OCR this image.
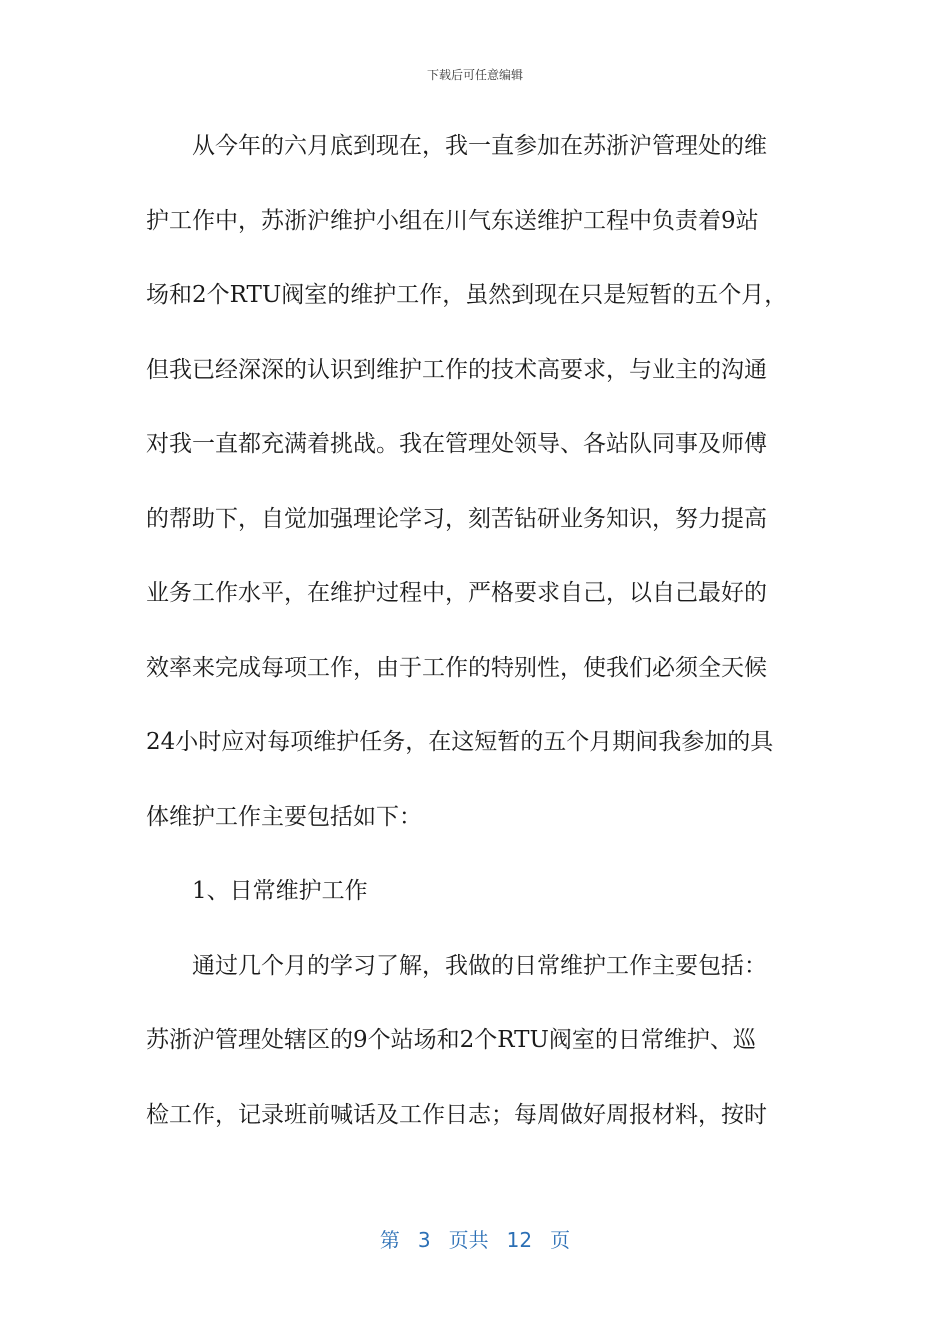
下载后可任意编辑
从今年的六月底到现在，我一直参加在苏浙沪管理处的维
护工作中，苏浙沪维护小组在川气东送维护工程中负责着9站
场和2个RTU阀室的维护工作，虽然到现在只是短暂的五个月，
但我已经深深的认识到维护工作的技术高要求，与业主的沟通
对我一直都充满着挑战。我在管理处领导、各站队同事及师傅
的帮助下，自觉加强理论学习，刻苦钻研业务知识，努力提高
业务工作水平，在维护过程中，严格要求自己，以自己最好的
效率来完成每项工作，由于工作的特别性，使我们必须全天候
24小时应对每项维护任务，在这短暂的五个月期间我参加的具
体维护工作主要包括如下：
1、日常维护工作
通过几个月的学习了解，我做的日常维护工作主要包括：
苏浙沪管理处辖区的9个站场和2个RTU阀室的日常维护、巡
检工作，记录班前喊话及工作日志；每周做好周报材料，按时
第 3 页共 12 页
